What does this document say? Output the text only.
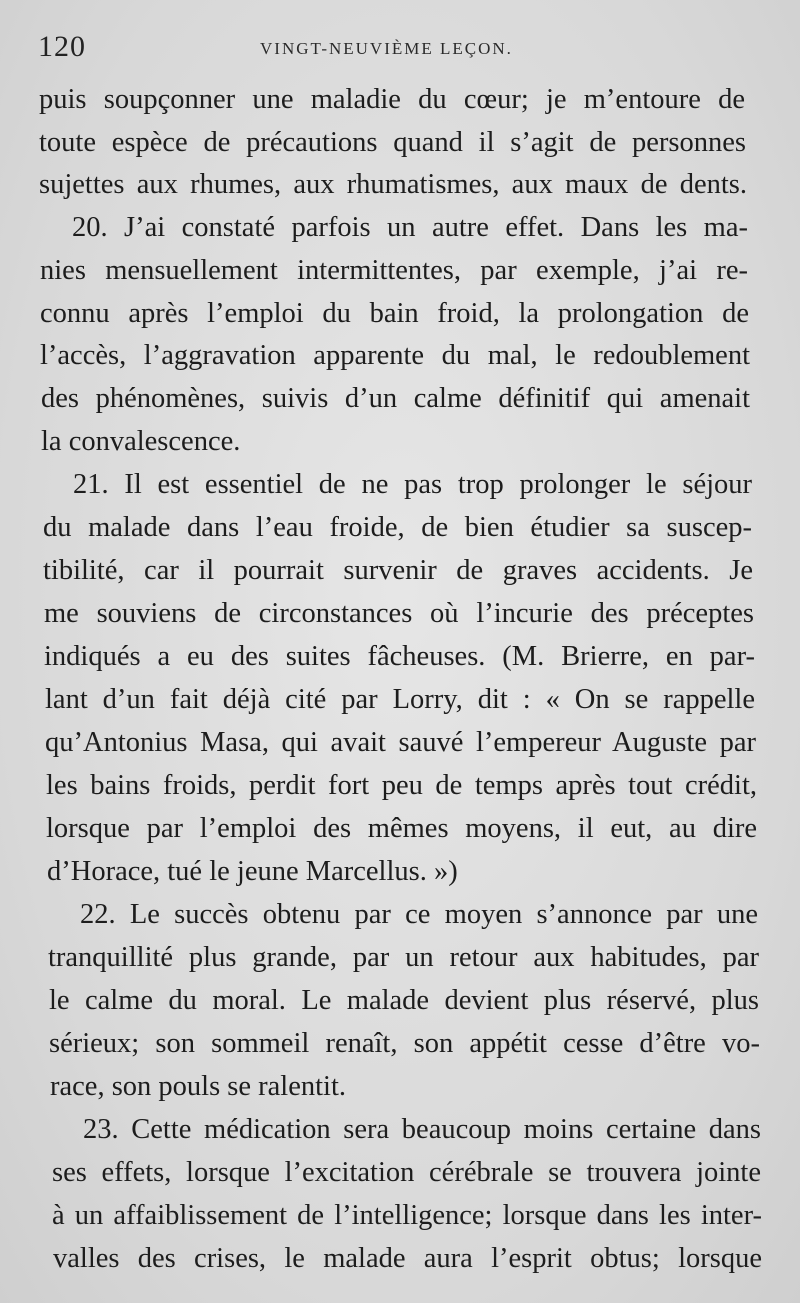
120	VINGT-NEUVIÈME LEÇON.
puis soupçonner une maladie du cœur; je m’entoure de
toute espèce de précautions quand il s’agit de personnes
sujettes aux rhumes, aux rhumatismes, aux maux de dents.
20. J’ai constaté parfois un autre effet. Dans les ma-
nies mensuellement intermittentes, par exemple, j’ai re-
connu après l’emploi du bain froid, la prolongation de
l’accès, l’aggravation apparente du mal, le redoublement
des phénomènes, suivis d’un calme définitif qui amenait
la convalescence.
21. Il est essentiel de ne pas trop prolonger le séjour
du malade dans l’eau froide, de bien étudier sa suscep-
tibilité, car il pourrait survenir de graves accidents. Je
me souviens de circonstances où l’incurie des préceptes
indiqués a eu des suites fâcheuses. (M. Brierre, en par-
lant d’un fait déjà cité par Lorry, dit : « On se rappelle
qu’Antonius Masa, qui avait sauvé l’empereur Auguste par
les bains froids, perdit fort peu de temps après tout crédit,
lorsque par l’emploi des mêmes moyens, il eut, au dire
d’Horace, tué le jeune Marcellus. »)
22. Le succès obtenu par ce moyen s’annonce par une
tranquillité plus grande, par un retour aux habitudes, par
le calme du moral. Le malade devient plus réservé, plus
sérieux; son sommeil renaît, son appétit cesse d’être vo-
race, son pouls se ralentit.
23. Cette médication sera beaucoup moins certaine dans
ses effets, lorsque l’excitation cérébrale se trouvera jointe
à un affaiblissement de l’intelligence; lorsque dans les inter-
valles des crises, le malade aura l’esprit obtus; lorsque
